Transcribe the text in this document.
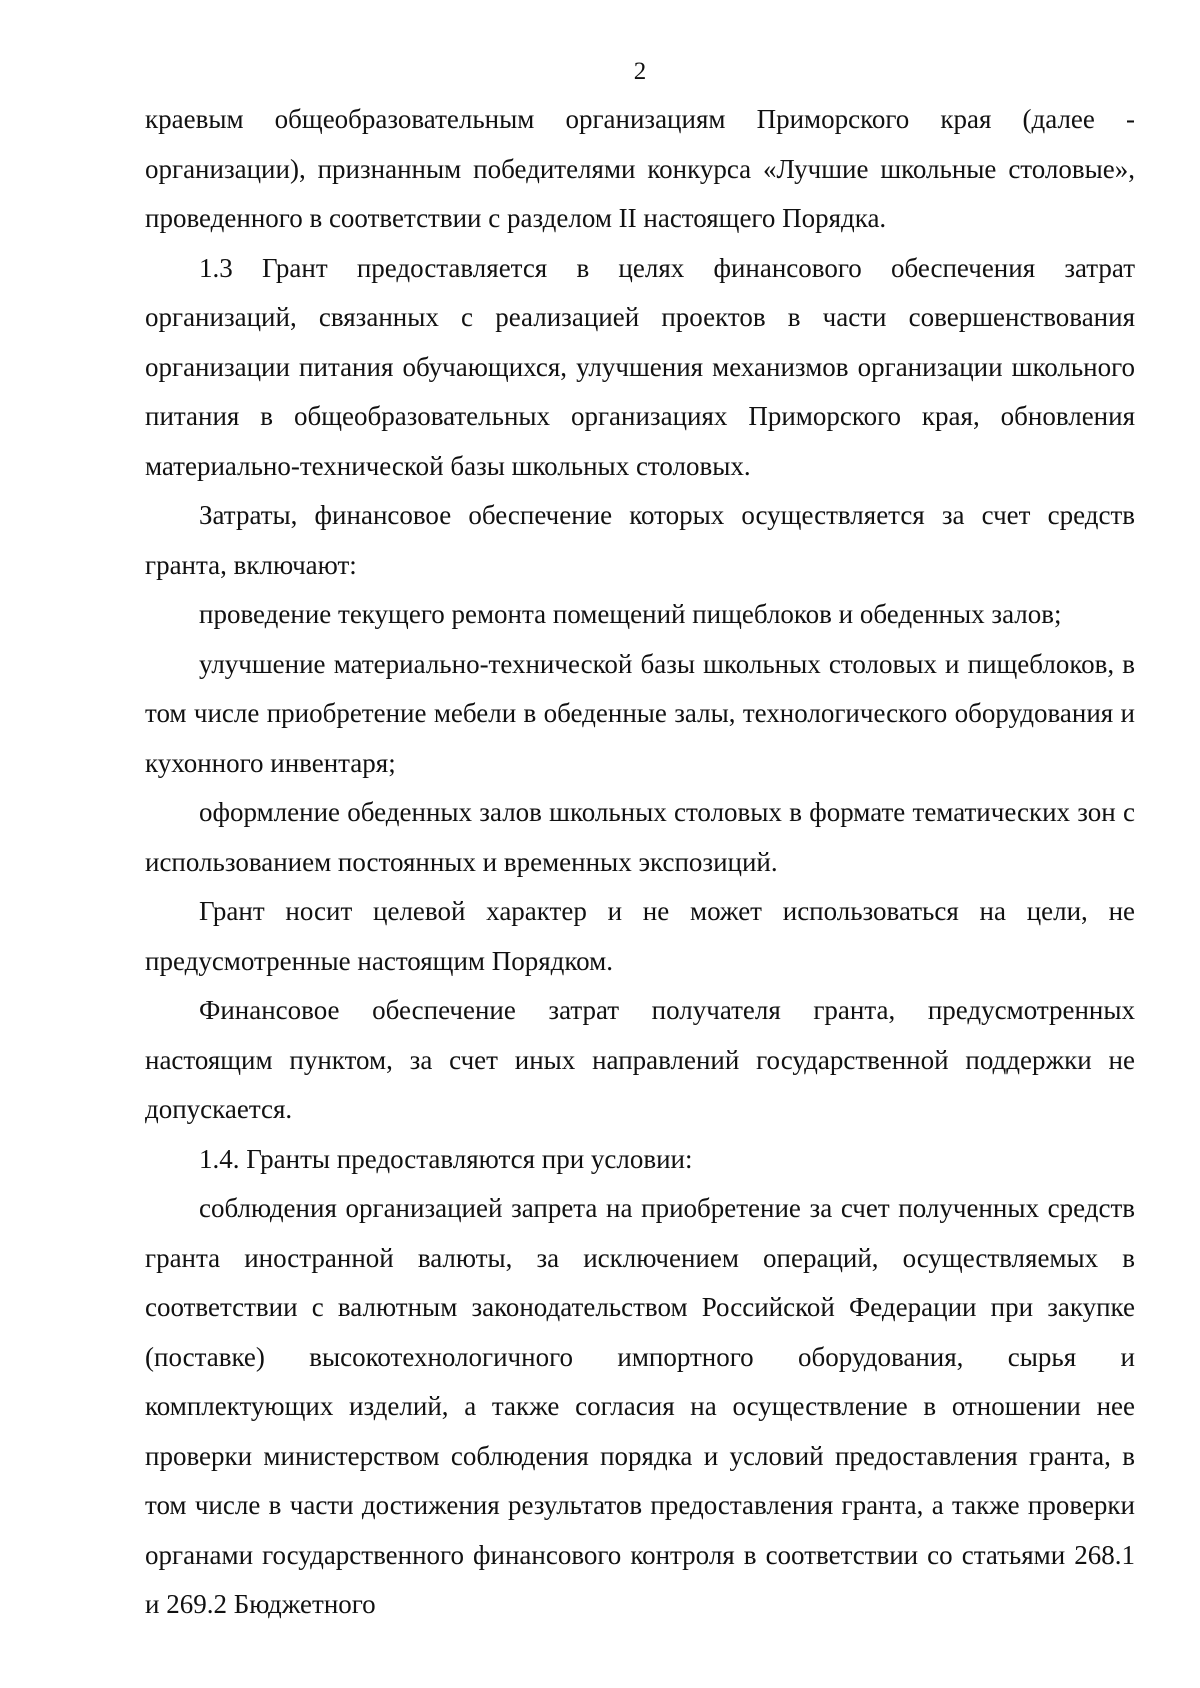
2

краевым общеобразовательным организациям Приморского края (далее - организации), признанным победителями конкурса «Лучшие школьные столовые», проведенного в соответствии с разделом II настоящего Порядка.

1.3 Грант предоставляется в целях финансового обеспечения затрат организаций, связанных с реализацией проектов в части совершенствования организации питания обучающихся, улучшения механизмов организации школьного питания в общеобразовательных организациях Приморского края, обновления материально-технической базы школьных столовых.

Затраты, финансовое обеспечение которых осуществляется за счет средств гранта, включают:

проведение текущего ремонта помещений пищеблоков и обеденных залов;

улучшение материально-технической базы школьных столовых и пищеблоков, в том числе приобретение мебели в обеденные залы, технологического оборудования и кухонного инвентаря;

оформление обеденных залов школьных столовых в формате тематических зон с использованием постоянных и временных экспозиций.

Грант носит целевой характер и не может использоваться на цели, не предусмотренные настоящим Порядком.

Финансовое обеспечение затрат получателя гранта, предусмотренных настоящим пунктом, за счет иных направлений государственной поддержки не допускается.

1.4. Гранты предоставляются при условии:

соблюдения организацией запрета на приобретение за счет полученных средств гранта иностранной валюты, за исключением операций, осуществляемых в соответствии с валютным законодательством Российской Федерации при закупке (поставке) высокотехнологичного импортного оборудования, сырья и комплектующих изделий, а также согласия на осуществление в отношении нее проверки министерством соблюдения порядка и условий предоставления гранта, в том числе в части достижения результатов предоставления гранта, а также проверки органами государственного финансового контроля в соответствии со статьями 268.1 и 269.2 Бюджетного
